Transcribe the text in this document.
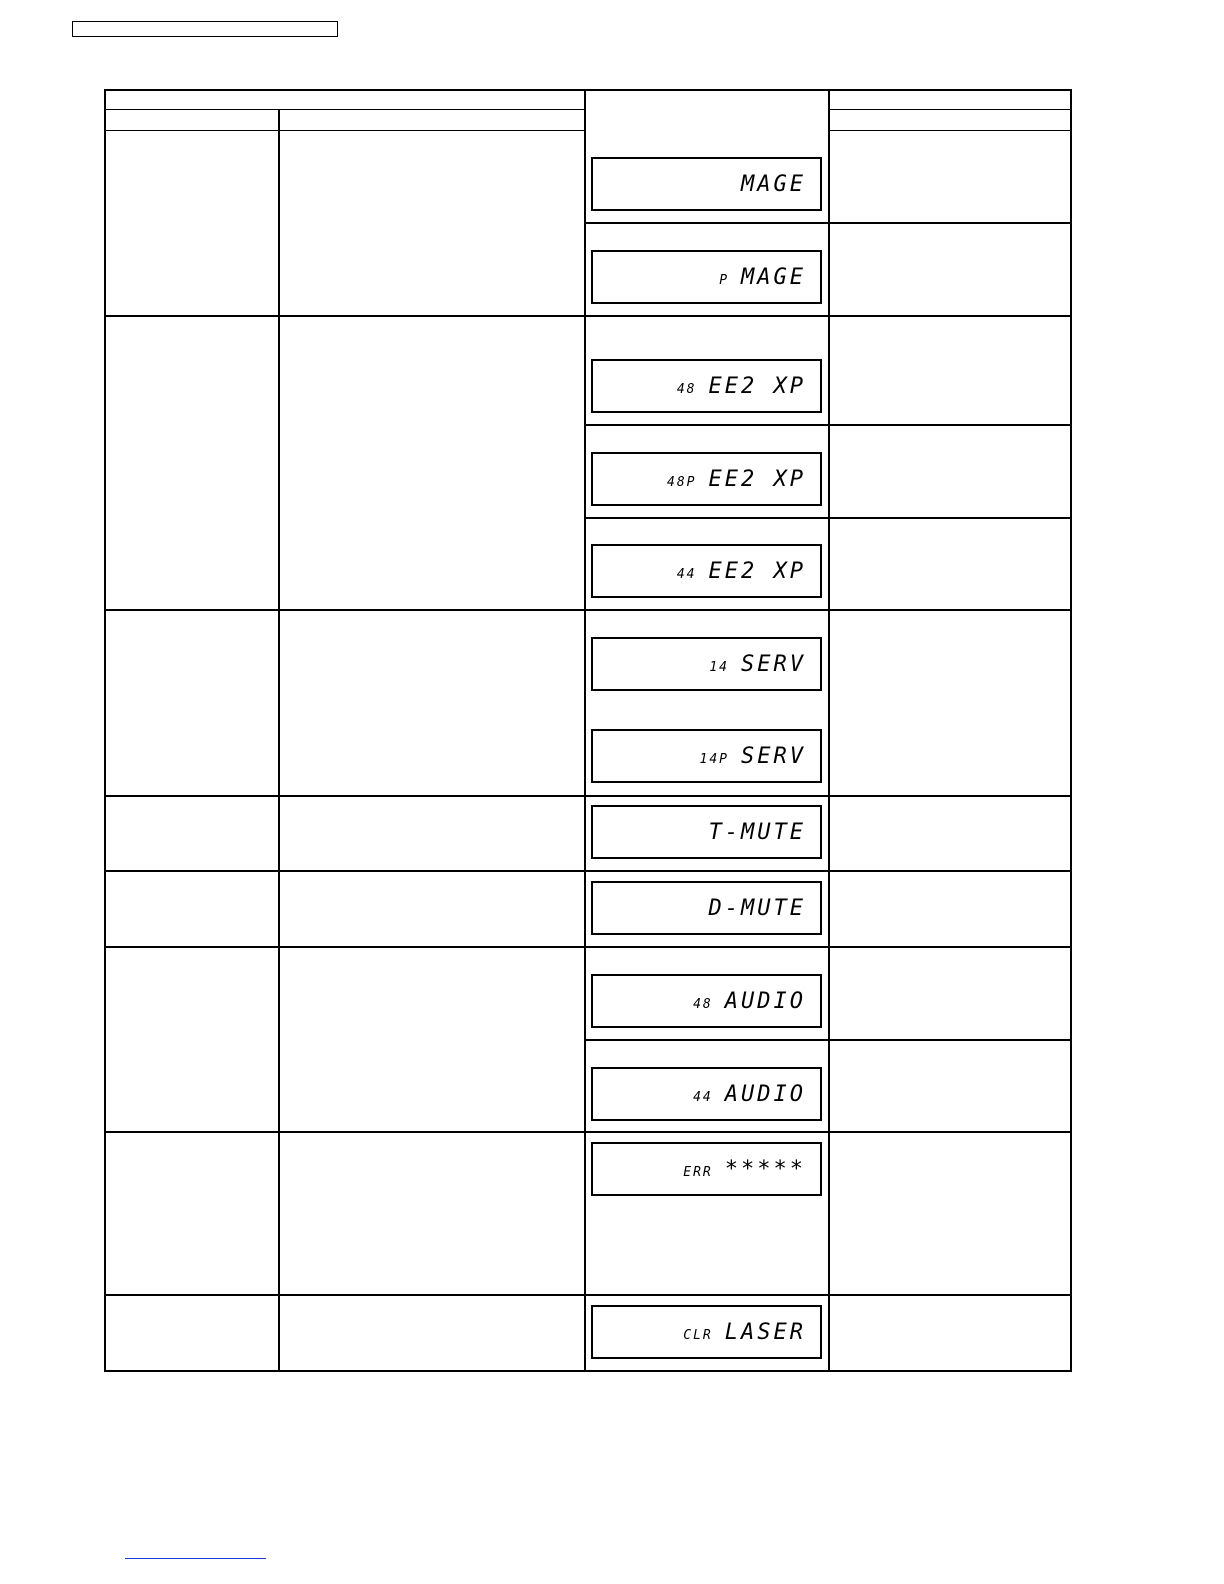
MAGE
P MAGE
48 EE2 XP
48P EE2 XP
44 EE2 XP
14 SERV
14P SERV
T-MUTE
D-MUTE
48 AUDIO
44 AUDIO
ERR *****
CLR LASER
